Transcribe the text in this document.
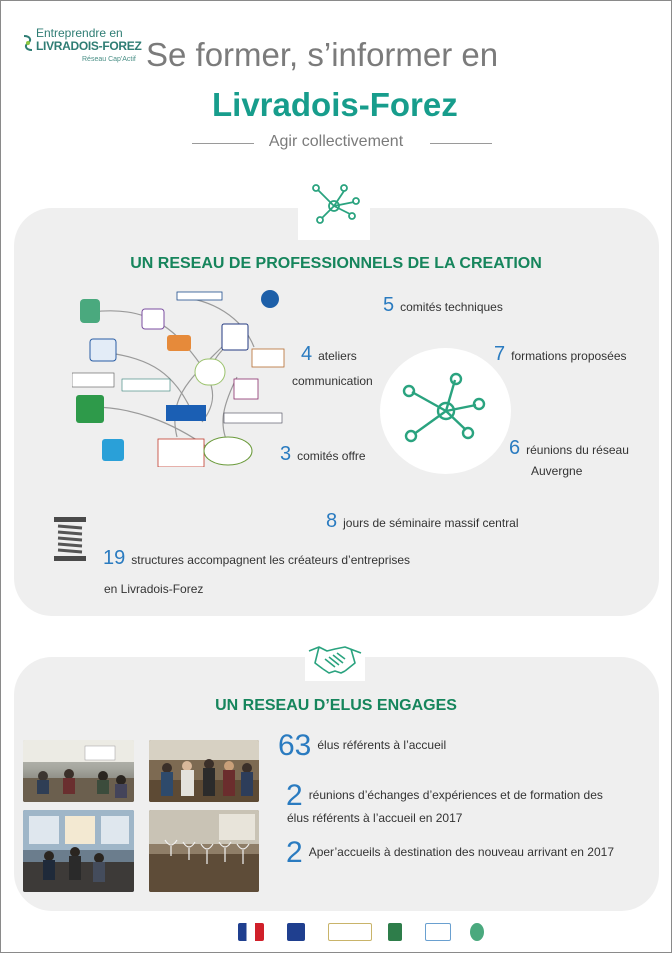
Entreprendre en
LIVRADOIS-FOREZ
Réseau Cap'Actif Se former, s’informer en
Livradois-Forez
Agir collectivement
UN RESEAU DE PROFESSIONNELS DE LA CREATION
5 comités techniques
4 ateliers
communication
7 formations proposées
6 réunions du réseau
Auvergne
3 comités offre
8 jours de séminaire massif central
19 structures accompagnent les créateurs d’entreprises
en Livradois-Forez
UN RESEAU D’ELUS ENGAGES
63 élus référents à l’accueil
2 réunions d’échanges d’expériences et de formation des
élus référents à l’accueil en 2017
2 Aper’accueils à destination des nouveau arrivant en 2017
